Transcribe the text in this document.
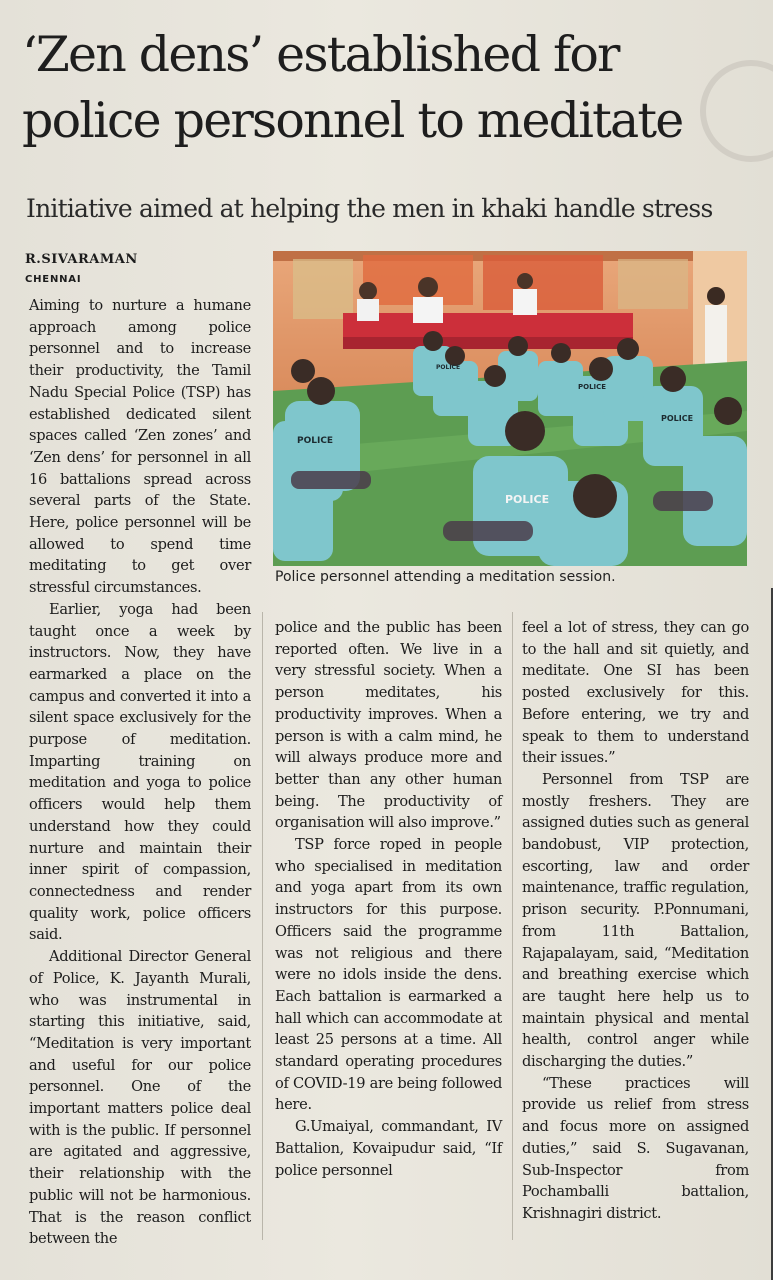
‘Zen dens’ established for
police personnel to meditate
Initiative aimed at helping the men in khaki handle stress
R.SIVARAMAN
CHENNAI
POLICE
POLICE
POLICE
POLICE
POLICE
Police personnel attending a meditation session.

Aiming to nurture a humane approach among police personnel and to increase their productivity, the Tamil Nadu Special Police (TSP) has established dedicated silent spaces called ‘Zen zones’ and ‘Zen dens’ for personnel in all 16 battalions spread across several parts of the State. Here, police personnel will be allowed to spend time meditating to get over stressful circumstances.

Earlier, yoga had been taught once a week by instructors. Now, they have earmarked a place on the campus and converted it into a silent space exclusively for the purpose of meditation. Imparting training on meditation and yoga to police officers would help them understand how they could nurture and maintain their inner spirit of compassion, connectedness and render quality work, police officers said.

Additional Director General of Police, K. Jayanth Murali, who was instrumental in starting this initiative, said, “Meditation is very important and useful for our police personnel. One of the important matters police deal with is the public. If personnel are agitated and aggressive, their relationship with the public will not be harmonious. That is the reason conflict between the

police and the public has been reported often. We live in a very stressful society. When a person meditates, his productivity improves. When a person is with a calm mind, he will always produce more and better than any other human being. The productivity of organisation will also improve.”

TSP force roped in people who specialised in meditation and yoga apart from its own instructors for this purpose. Officers said the programme was not religious and there were no idols inside the dens. Each battalion is earmarked a hall which can accommodate at least 25 persons at a time. All standard operating procedures of COVID-19 are being followed here.

G.Umaiyal, commandant, IV Battalion, Kovaipudur said, “If police personnel

feel a lot of stress, they can go to the hall and sit quietly, and meditate. One SI has been posted exclusively for this. Before entering, we try and speak to them to understand their issues.”

Personnel from TSP are mostly freshers. They are assigned duties such as general bandobust, VIP protection, escorting, law and order maintenance, traffic regulation, prison security. P.Ponnumani, from 11th Battalion, Rajapalayam, said, “Meditation and breathing exercise which are taught here help us to maintain physical and mental health, control anger while discharging the duties.”

“These practices will provide us relief from stress and focus more on assigned duties,” said S. Sugavanan, Sub-Inspector from Pochamballi battalion, Krishnagiri district.
